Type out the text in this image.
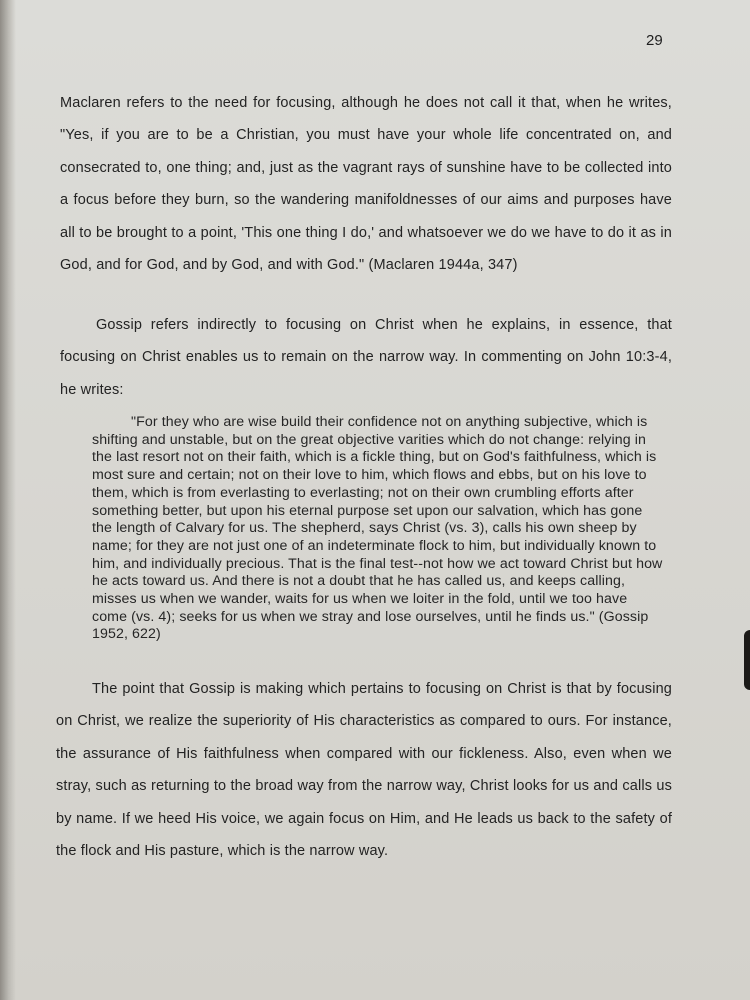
29

Maclaren refers to the need for focusing, although he does not call it that, when he writes, "Yes, if you are to be a Christian, you must have your whole life concentrated on, and consecrated to, one thing; and, just as the vagrant rays of sunshine have to be collected into a focus before they burn, so the wandering manifoldnesses of our aims and purposes have all to be brought to a point, 'This one thing I do,' and whatsoever we do we have to do it as in God, and for God, and by God, and with God." (Maclaren 1944a, 347)

Gossip refers indirectly to focusing on Christ when he explains, in essence, that focusing on Christ enables us to remain on the narrow way. In commenting on John 10:3-4, he writes:

"For they who are wise build their confidence not on anything subjective, which is shifting and unstable, but on the great objective varities which do not change: relying in the last resort not on their faith, which is a fickle thing, but on God's faithfulness, which is most sure and certain; not on their love to him, which flows and ebbs, but on his love to them, which is from everlasting to everlasting; not on their own crumbling efforts after something better, but upon his eternal purpose set upon our salvation, which has gone the length of Calvary for us. The shepherd, says Christ (vs. 3), calls his own sheep by name; for they are not just one of an indeterminate flock to him, but individually known to him, and individually precious. That is the final test--not how we act toward Christ but how he acts toward us. And there is not a doubt that he has called us, and keeps calling, misses us when we wander, waits for us when we loiter in the fold, until we too have come (vs. 4); seeks for us when we stray and lose ourselves, until he finds us." (Gossip 1952, 622)

The point that Gossip is making which pertains to focusing on Christ is that by focusing on Christ, we realize the superiority of His characteristics as compared to ours. For instance, the assurance of His faithfulness when compared with our fickleness. Also, even when we stray, such as returning to the broad way from the narrow way, Christ looks for us and calls us by name. If we heed His voice, we again focus on Him, and He leads us back to the safety of the flock and His pasture, which is the narrow way.
